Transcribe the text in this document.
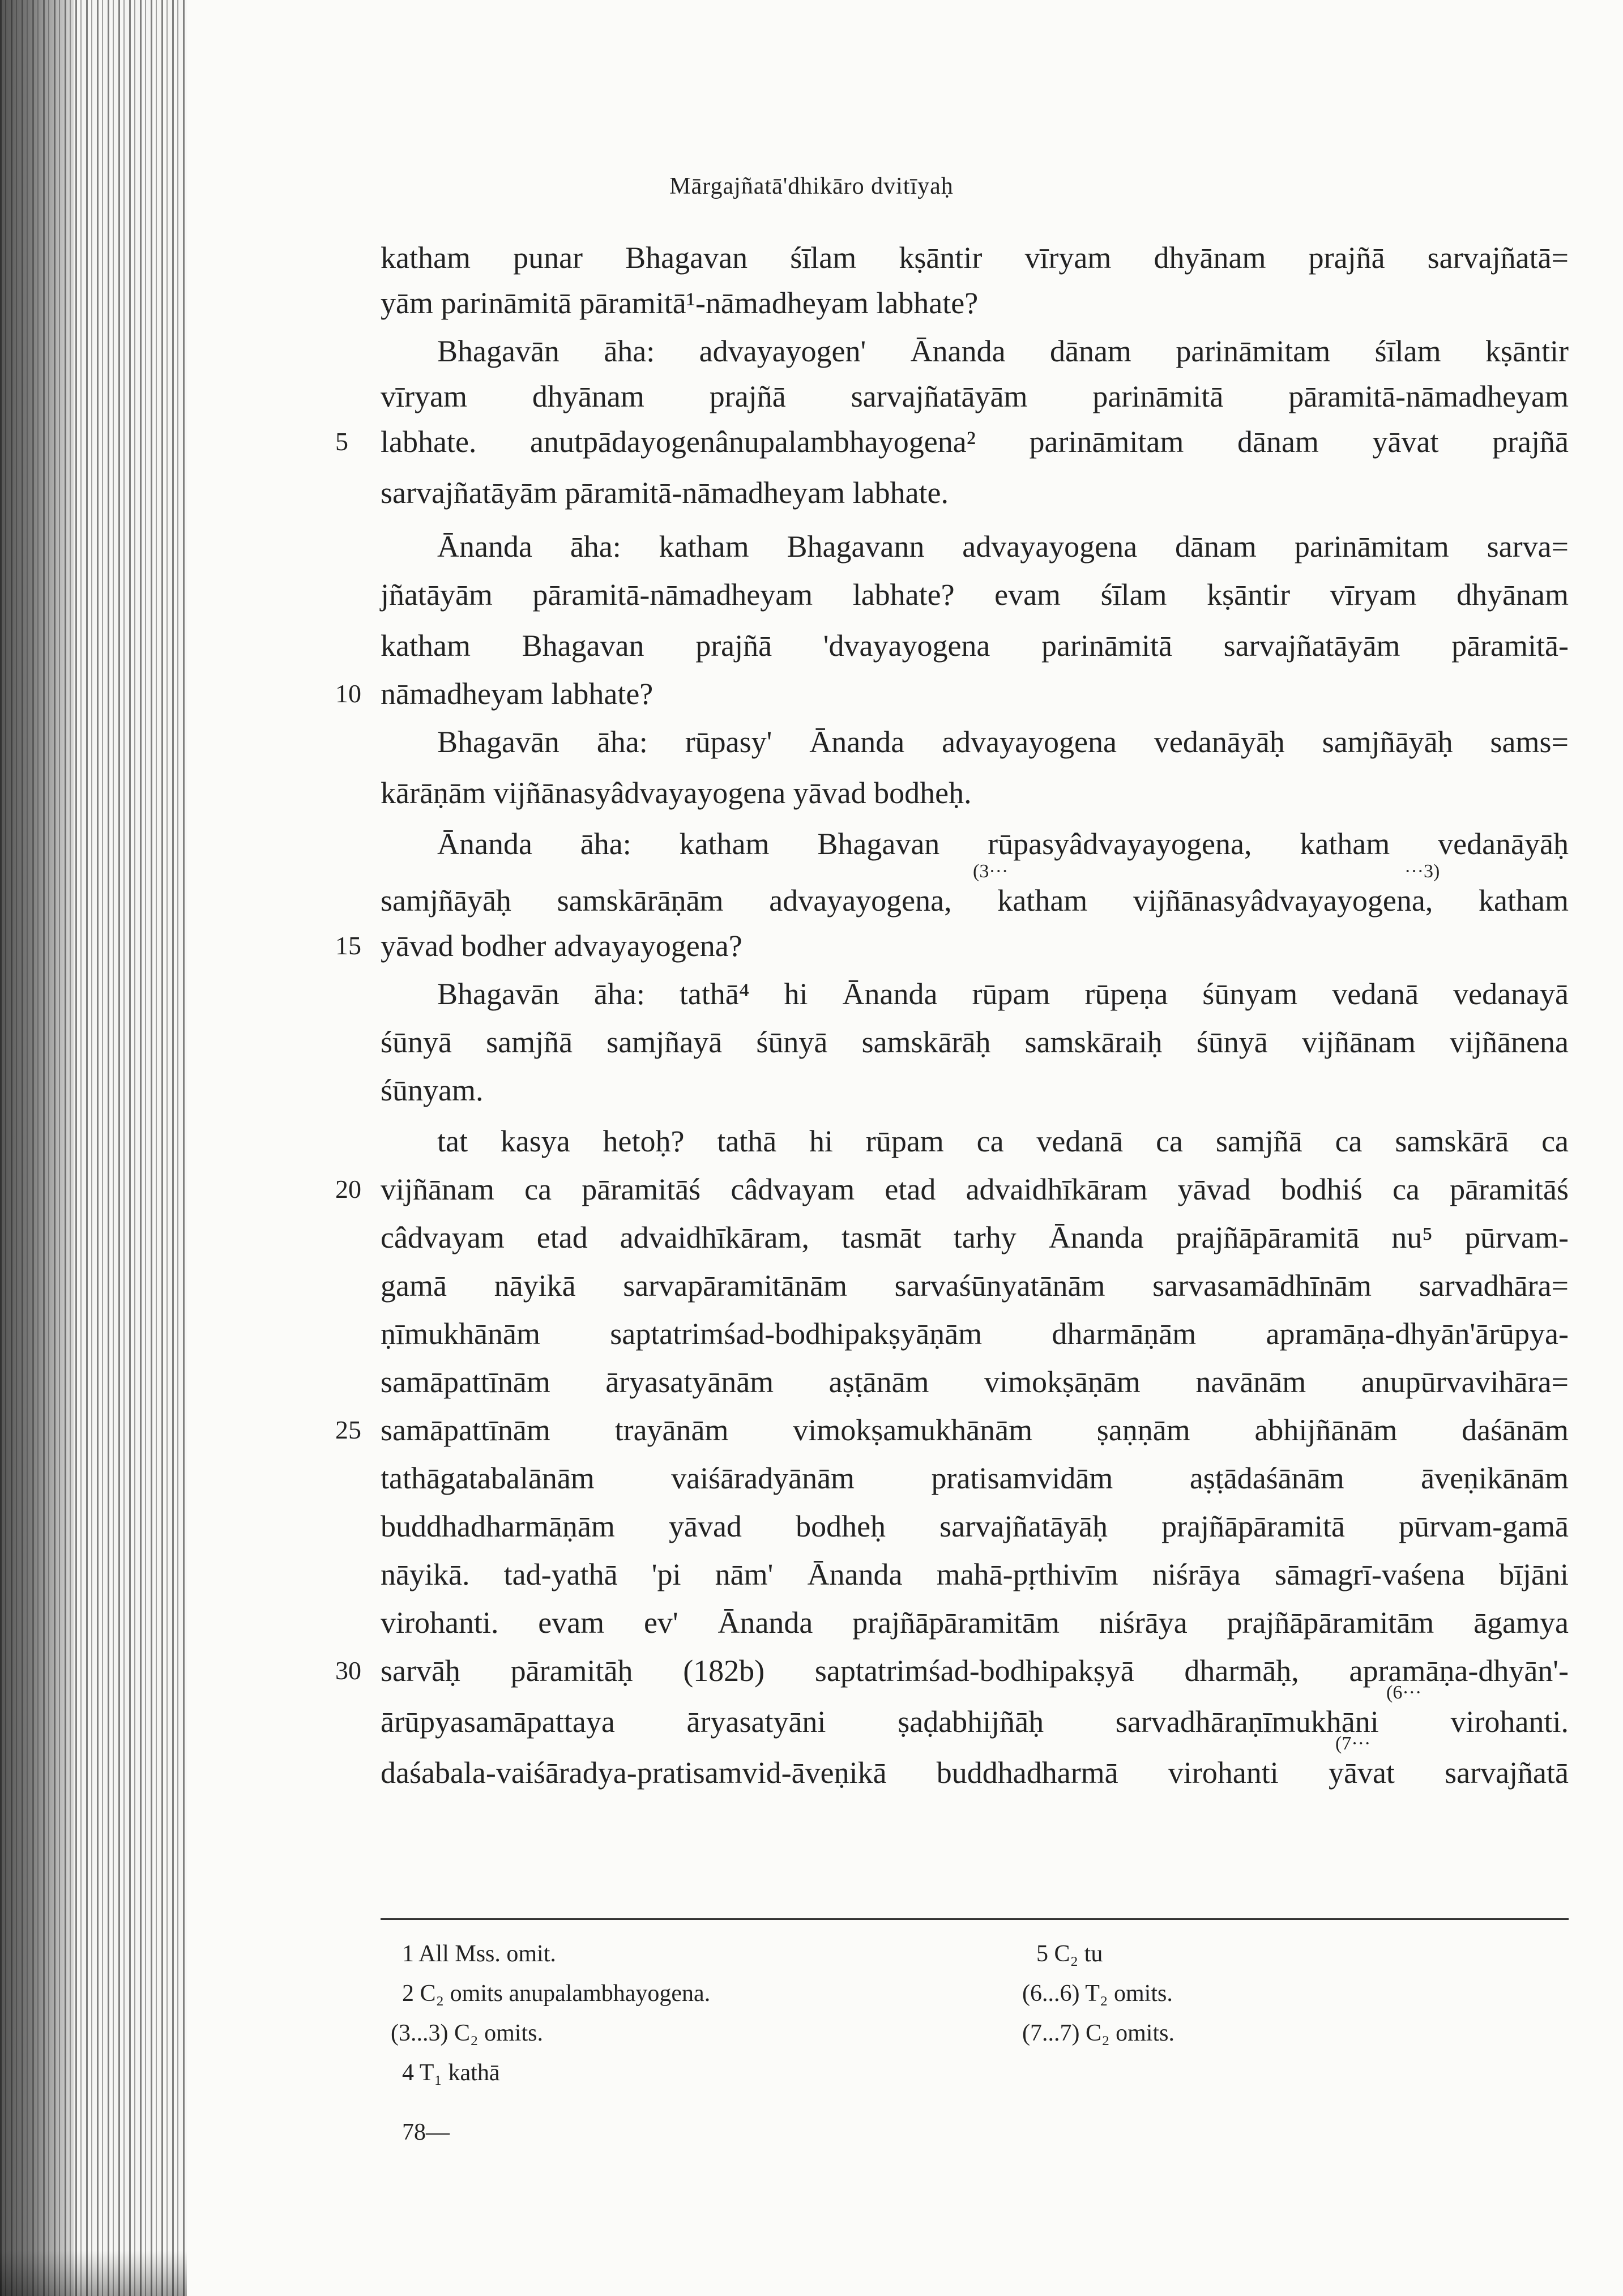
Mārgajñatā'dhikāro dvitīyaḥ
katham punar Bhagavan śīlam kṣāntir vīryam dhyānam prajñā sarvajñatā=
yām parināmitā pāramitā¹-nāmadheyam labhate?
Bhagavān āha: advayayogen' Ānanda dānam parināmitam śīlam kṣāntir
vīryam dhyānam prajñā sarvajñatāyām parināmitā pāramitā-nāmadheyam
labhate. anutpādayogenânupalambhayogena² parināmitam dānam yāvat prajñā
sarvajñatāyām pāramitā-nāmadheyam labhate.
Ānanda āha: katham Bhagavann advayayogena dānam parināmitam sarva=
jñatāyām pāramitā-nāmadheyam labhate? evam śīlam kṣāntir vīryam dhyānam
katham Bhagavan prajñā 'dvayayogena parināmitā sarvajñatāyām pāramitā-
nāmadheyam labhate?
Bhagavān āha: rūpasy' Ānanda advayayogena vedanāyāḥ samjñāyāḥ sams=
kārāṇām vijñānasyâdvayayogena yāvad bodheḥ.
Ānanda āha: katham Bhagavan rūpasyâdvayayogena, katham vedanāyāḥ
samjñāyāḥ samskārāṇām advayayogena, katham vijñānasyâdvayayogena, katham
yāvad bodher advayayogena?
Bhagavān āha: tathā⁴ hi Ānanda rūpam rūpeṇa śūnyam vedanā vedanayā
śūnyā samjñā samjñayā śūnyā samskārāḥ samskāraiḥ śūnyā vijñānam vijñānena
śūnyam.
tat kasya hetoḥ? tathā hi rūpam ca vedanā ca samjñā ca samskārā ca
vijñānam ca pāramitāś câdvayam etad advaidhīkāram yāvad bodhiś ca pāramitāś
câdvayam etad advaidhīkāram, tasmāt tarhy Ānanda prajñāpāramitā nu⁵ pūrvam-
gamā nāyikā sarvapāramitānām sarvaśūnyatānām sarvasamādhīnām sarvadhāra=
ṇīmukhānām saptatrimśad-bodhipakṣyāṇām dharmāṇām apramāṇa-dhyān'ārūpya-
samāpattīnām āryasatyānām aṣṭānām vimokṣāṇām navānām anupūrvavihāra=
samāpattīnām trayānām vimokṣamukhānām ṣaṇṇām abhijñānām daśānām
tathāgatabalānām vaiśāradyānām pratisamvidām aṣṭādaśānām āveṇikānām
buddhadharmāṇām yāvad bodheḥ sarvajñatāyāḥ prajñāpāramitā pūrvam-gamā
nāyikā. tad-yathā 'pi nām' Ānanda mahā-pṛthivīm niśrāya sāmagrī-vaśena bījāni
virohanti. evam ev' Ānanda prajñāpāramitām niśrāya prajñāpāramitām āgamya
sarvāḥ pāramitāḥ (182b) saptatrimśad-bodhipakṣyā dharmāḥ, apramāṇa-dhyān'-
ārūpyasamāpattaya āryasatyāni ṣaḍabhijñāḥ sarvadhāraṇīmukhāni virohanti.
daśabala-vaiśāradya-pratisamvid-āveṇikā buddhadharmā virohanti yāvat sarvajñatā
5
10
15
20
25
30
(3···	···3)
(6···
(7···
1 All Mss. omit.
2 C₂ omits anupalambhayogena.
(3...3) C₂ omits.
4 T₁ kathā
5 C₂ tu
(6...6) T₂ omits.
(7...7) C₂ omits.
78—
